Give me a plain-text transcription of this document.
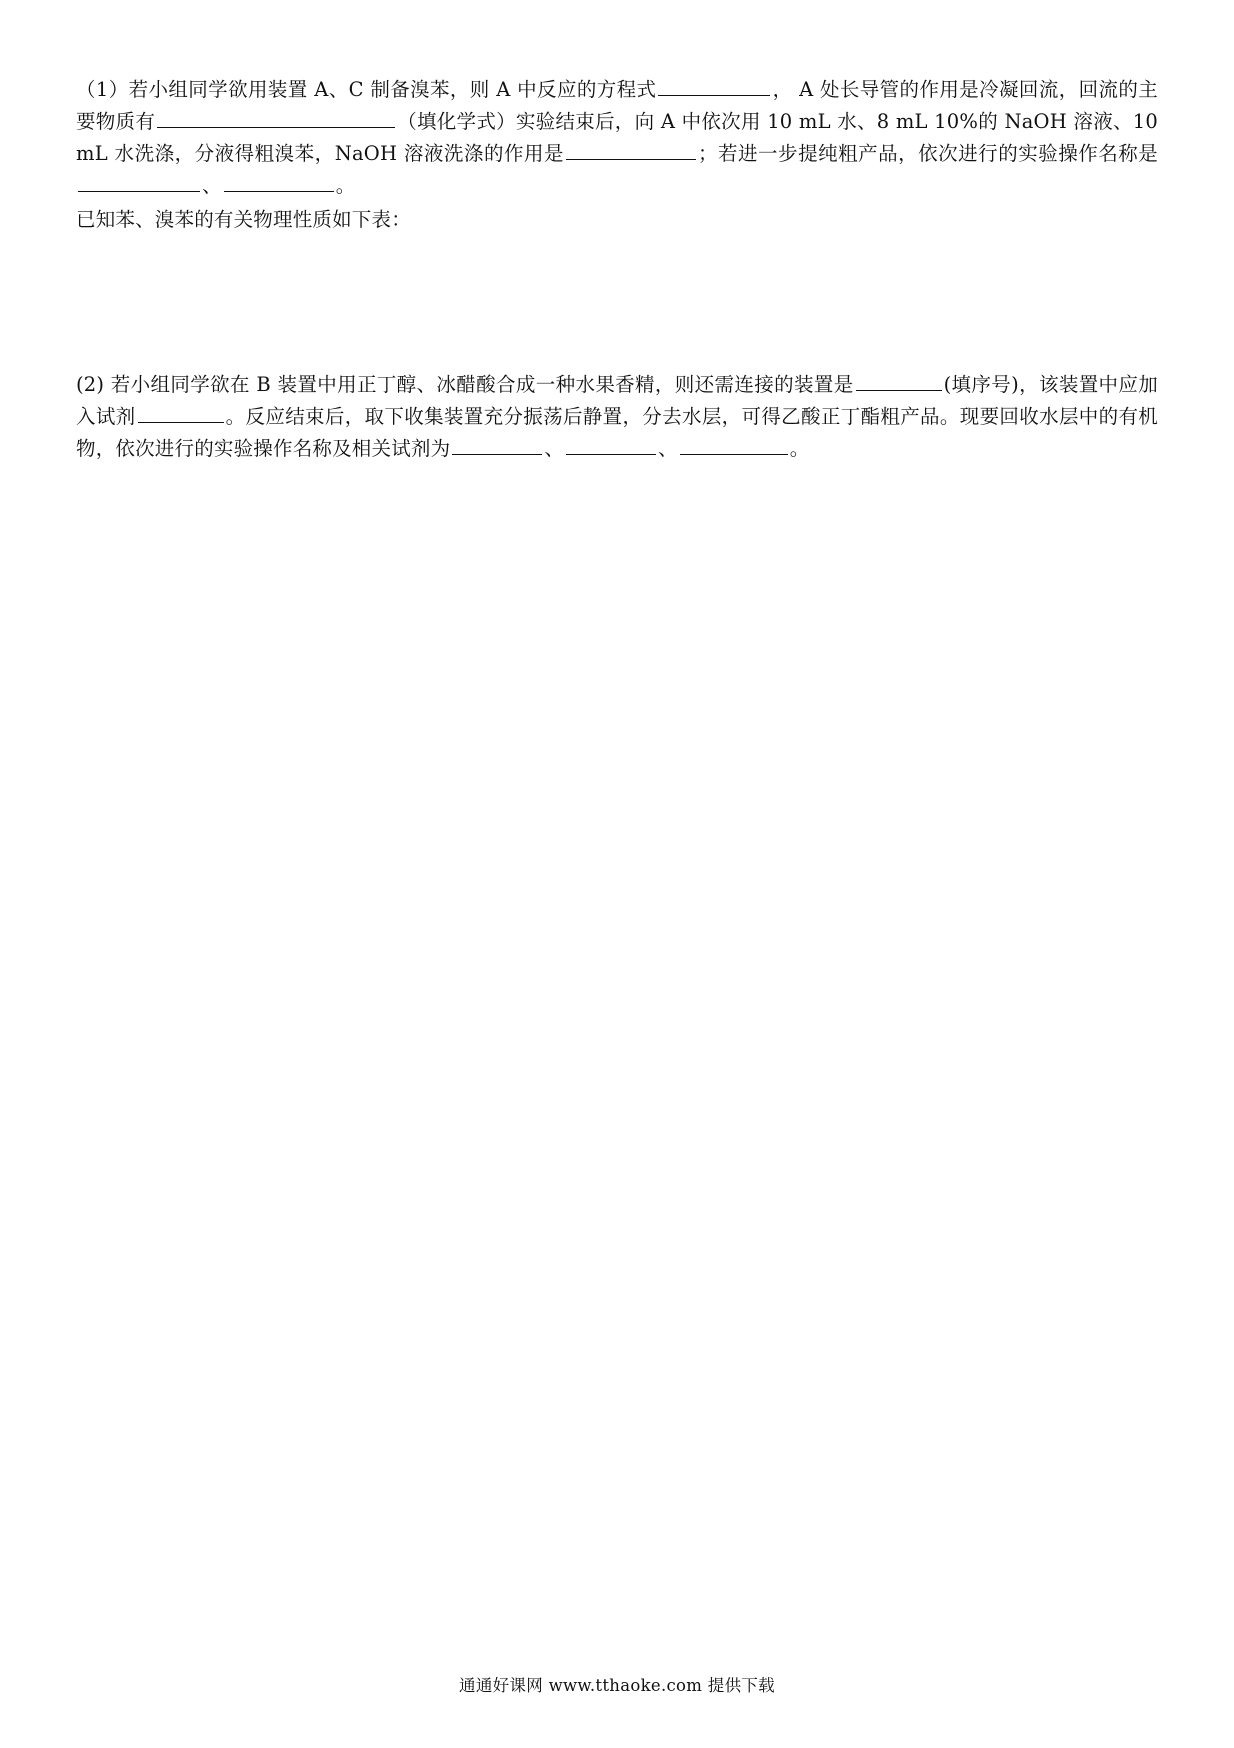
（1）若小组同学欲用装置 A、C 制备溴苯，则 A 中反应的方程式	， A 处长导管的作用是冷凝回流，回流的主要物质有	（填化学式）实验结束后，向 A 中依次用 10 mL 水、8 mL 10%的 NaOH 溶液、10 mL 水洗涤，分液得粗溴苯，NaOH 溶液洗涤的作用是	；若进一步提纯粗产品，依次进行的实验操作名称是、	。
已知苯、溴苯的有关物理性质如下表：
(2) 若小组同学欲在 B 装置中用正丁醇、冰醋酸合成一种水果香精，则还需连接的装置是	(填序号)，该装置中应加入试剂	。反应结束后，取下收集装置充分振荡后静置，分去水层，可得乙酸正丁酯粗产品。现要回收水层中的有机物，依次进行的实验操作名称及相关试剂为	、	、	。
通通好课网 www.tthaoke.com 提供下载
